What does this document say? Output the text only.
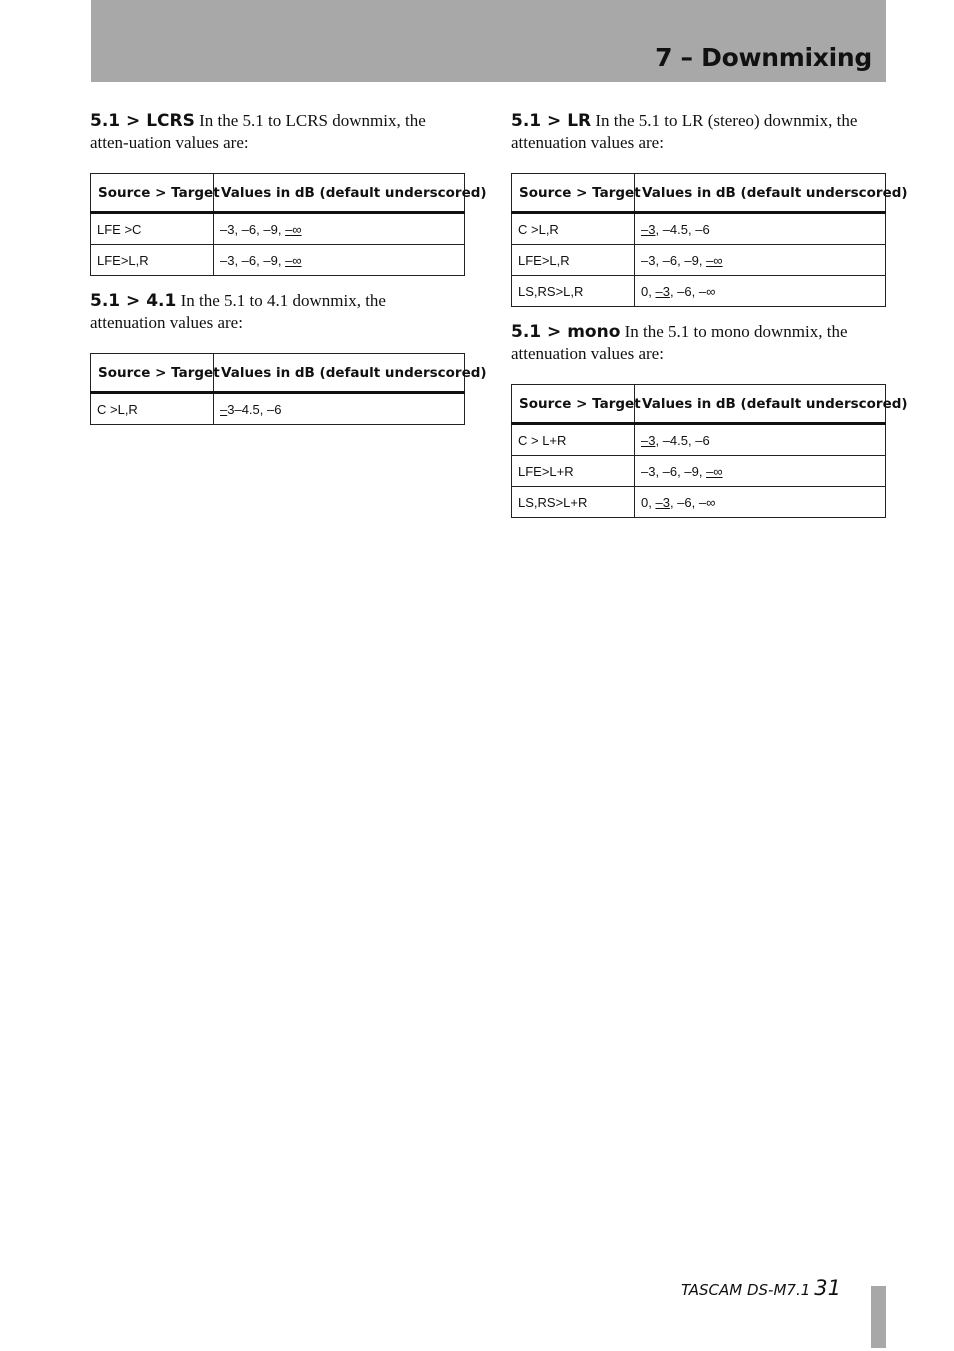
7 – Downmixing

5.1 > LCRS In the 5.1 to LCRS downmix, the atten-uation values are:

Source > Target	Values in dB (default underscored)
LFE >C	–3, –6, –9, –∞
LFE>L,R	–3, –6, –9, –∞

5.1 > 4.1 In the 5.1 to 4.1 downmix, the attenuation values are:

Source > Target	Values in dB (default underscored)
C >L,R	–3–4.5, –6

5.1 > LR In the 5.1 to LR (stereo) downmix, the attenuation values are:

Source > Target	Values in dB (default underscored)
C >L,R	–3, –4.5, –6
LFE>L,R	–3, –6, –9, –∞
LS,RS>L,R	0, –3, –6, –∞

5.1 > mono In the 5.1 to mono downmix, the attenuation values are:

Source > Target	Values in dB (default underscored)
C > L+R	–3, –4.5, –6
LFE>L+R	–3, –6, –9, –∞
LS,RS>L+R	0, –3, –6, –∞
TASCAM DS-M7.1 31
